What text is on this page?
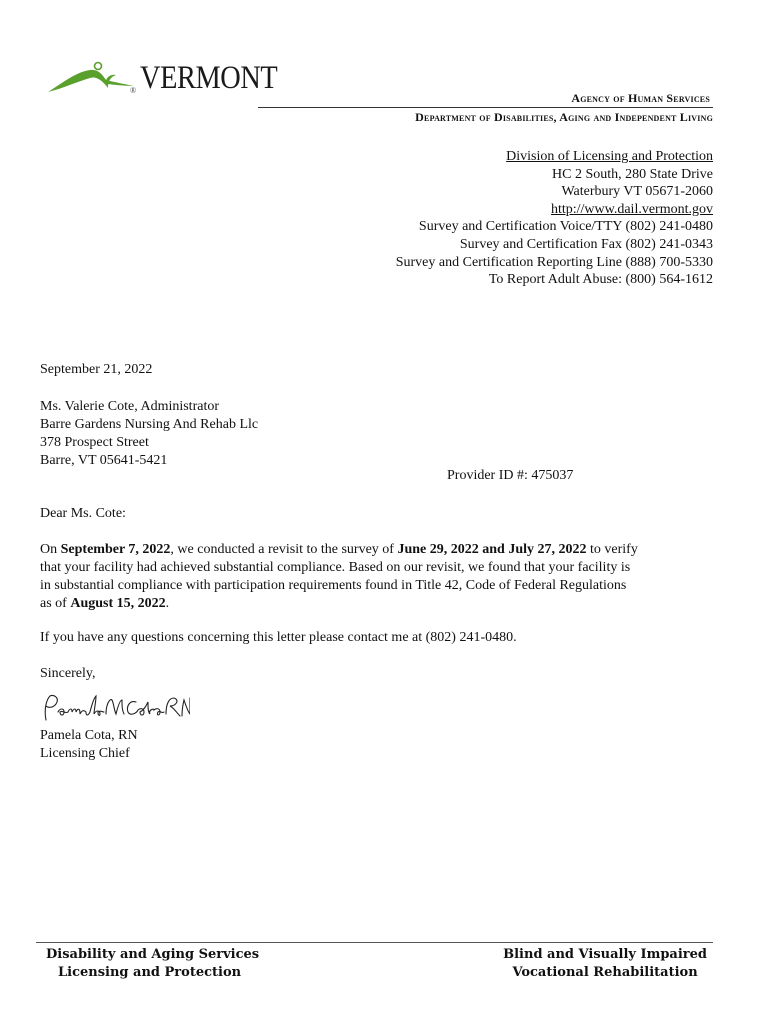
® VERMONT
Agency of Human Services
Department of Disabilities, Aging and Independent Living
Division of Licensing and Protection
HC 2 South, 280 State Drive
Waterbury VT 05671-2060
http://www.dail.vermont.gov
Survey and Certification Voice/TTY (802) 241-0480
Survey and Certification Fax (802) 241-0343
Survey and Certification Reporting Line (888) 700-5330
To Report Adult Abuse: (800) 564-1612
September 21, 2022
Ms. Valerie Cote, Administrator
Barre Gardens Nursing And Rehab Llc
378 Prospect Street
Barre, VT 05641-5421
Provider ID #: 475037
Dear Ms. Cote:
On September 7, 2022, we conducted a revisit to the survey of June 29, 2022 and July 27, 2022 to verify
that your facility had achieved substantial compliance. Based on our revisit, we found that your facility is
in substantial compliance with participation requirements found in Title 42, Code of Federal Regulations
as of August 15, 2022.
If you have any questions concerning this letter please contact me at (802) 241-0480.
Sincerely,
Pamela Cota, RN
Licensing Chief
Disability and Aging Services
Licensing and Protection
Blind and Visually Impaired
Vocational Rehabilitation
